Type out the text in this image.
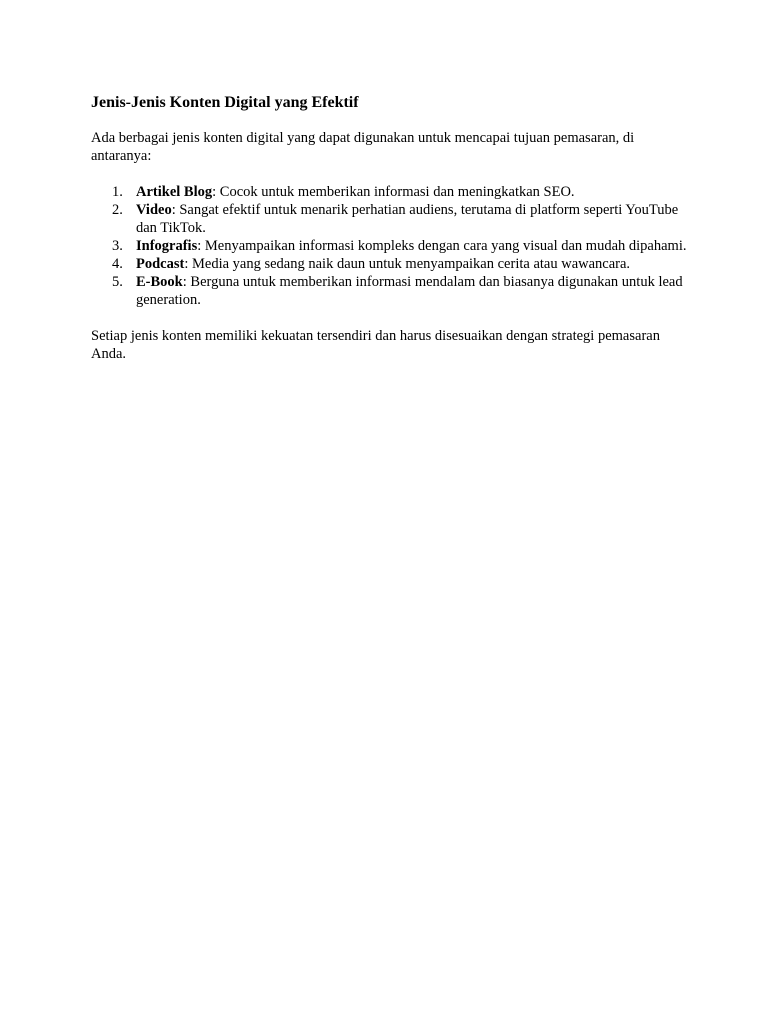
Jenis-Jenis Konten Digital yang Efektif

Ada berbagai jenis konten digital yang dapat digunakan untuk mencapai tujuan pemasaran, di antaranya:

1. Artikel Blog: Cocok untuk memberikan informasi dan meningkatkan SEO.
2. Video: Sangat efektif untuk menarik perhatian audiens, terutama di platform seperti YouTube dan TikTok.
3. Infografis: Menyampaikan informasi kompleks dengan cara yang visual dan mudah dipahami.
4. Podcast: Media yang sedang naik daun untuk menyampaikan cerita atau wawancara.
5. E-Book: Berguna untuk memberikan informasi mendalam dan biasanya digunakan untuk lead generation.

Setiap jenis konten memiliki kekuatan tersendiri dan harus disesuaikan dengan strategi pemasaran Anda.
